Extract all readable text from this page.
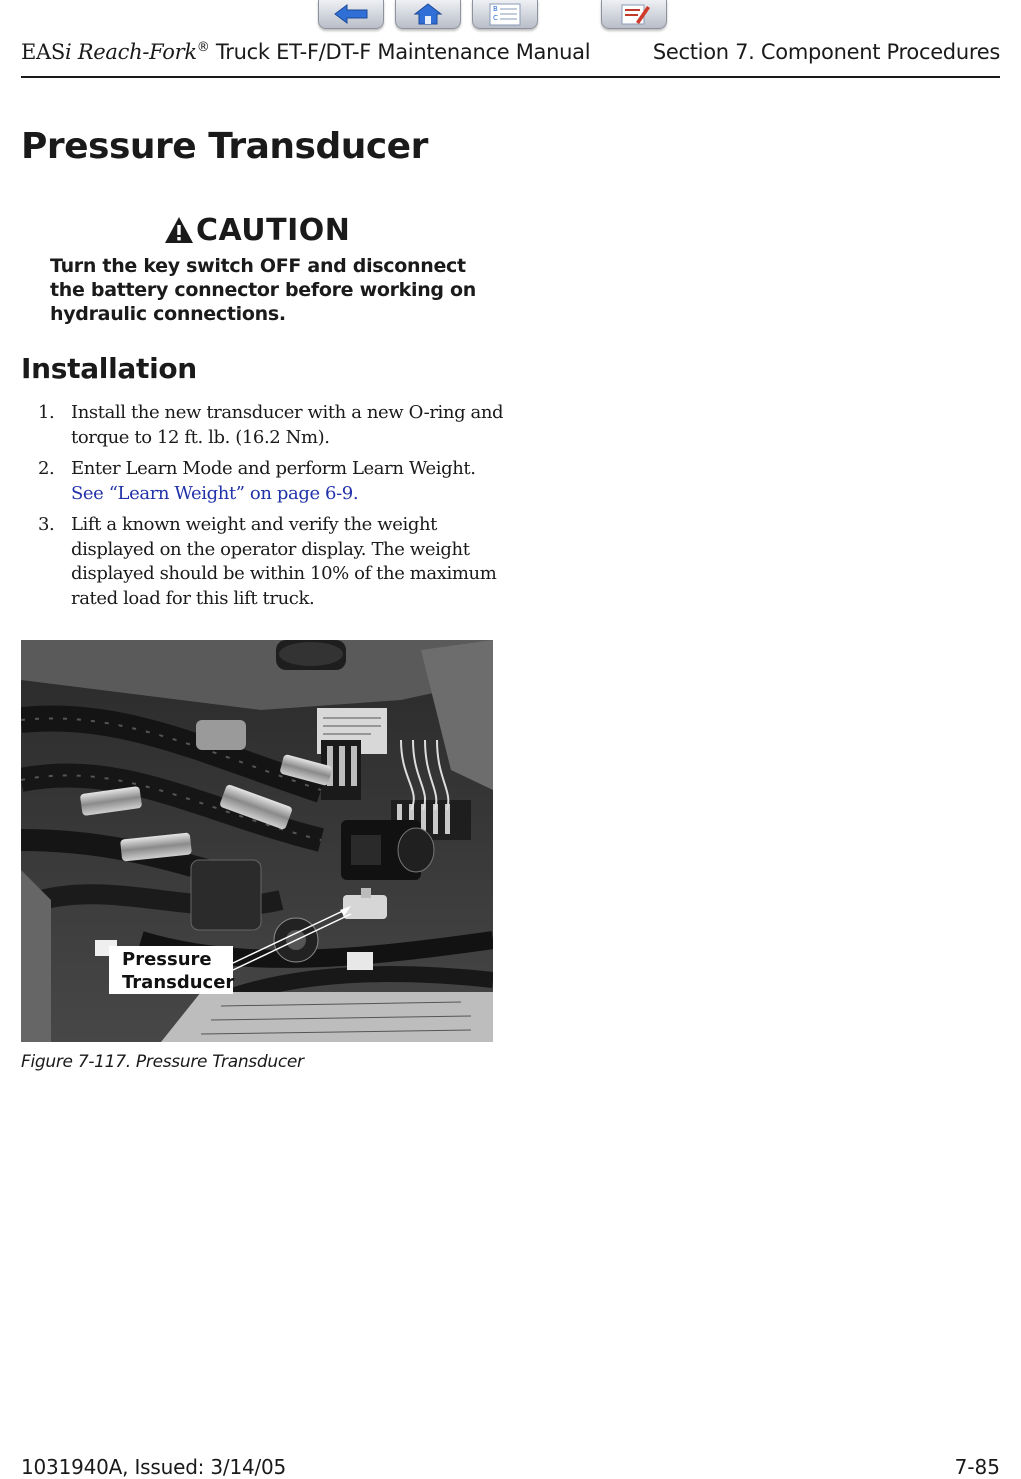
B
C
EASi Reach-Fork® Truck ET-F/DT-F Maintenance Manual	Section 7. Component Procedures
Pressure Transducer
CAUTION

Turn the key switch OFF and disconnect the battery connector before working on hydraulic connections.

Installation
1. Install the new transducer with a new O-ring and torque to 12 ft. lb. (16.2 Nm).
2. Enter Learn Mode and perform Learn Weight. See “Learn Weight” on page 6-9.
3. Lift a known weight and verify the weight displayed on the operator display. The weight displayed should be within 10% of the maximum rated load for this lift truck.
Pressure
Transducer

Figure 7-117. Pressure Transducer

1031940A, Issued: 3/14/05	7-85
